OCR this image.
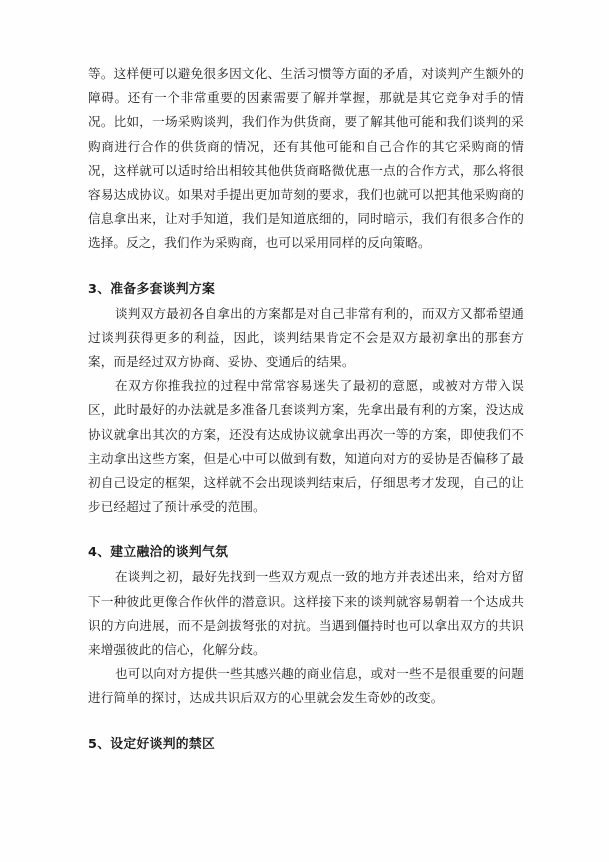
等。这样便可以避免很多因文化、生活习惯等方面的矛盾，对谈判产生额外的障碍。还有一个非常重要的因素需要了解并掌握，那就是其它竞争对手的情况。比如，一场采购谈判，我们作为供货商，要了解其他可能和我们谈判的采购商进行合作的供货商的情况，还有其他可能和自己合作的其它采购商的情况，这样就可以适时给出相较其他供货商略微优惠一点的合作方式，那么将很容易达成协议。如果对手提出更加苛刻的要求，我们也就可以把其他采购商的信息拿出来，让对手知道，我们是知道底细的，同时暗示，我们有很多合作的选择。反之，我们作为采购商，也可以采用同样的反向策略。

3、准备多套谈判方案

谈判双方最初各自拿出的方案都是对自己非常有利的，而双方又都希望通过谈判获得更多的利益，因此，谈判结果肯定不会是双方最初拿出的那套方案，而是经过双方协商、妥协、变通后的结果。

在双方你推我拉的过程中常常容易迷失了最初的意愿，或被对方带入误区，此时最好的办法就是多准备几套谈判方案，先拿出最有利的方案，没达成协议就拿出其次的方案，还没有达成协议就拿出再次一等的方案，即使我们不主动拿出这些方案，但是心中可以做到有数，知道向对方的妥协是否偏移了最初自己设定的框架，这样就不会出现谈判结束后，仔细思考才发现，自己的让步已经超过了预计承受的范围。

4、建立融洽的谈判气氛

在谈判之初，最好先找到一些双方观点一致的地方并表述出来，给对方留下一种彼此更像合作伙伴的潜意识。这样接下来的谈判就容易朝着一个达成共识的方向进展，而不是剑拔弩张的对抗。当遇到僵持时也可以拿出双方的共识来增强彼此的信心，化解分歧。

也可以向对方提供一些其感兴趣的商业信息，或对一些不是很重要的问题进行简单的探讨，达成共识后双方的心里就会发生奇妙的改变。

5、设定好谈判的禁区
